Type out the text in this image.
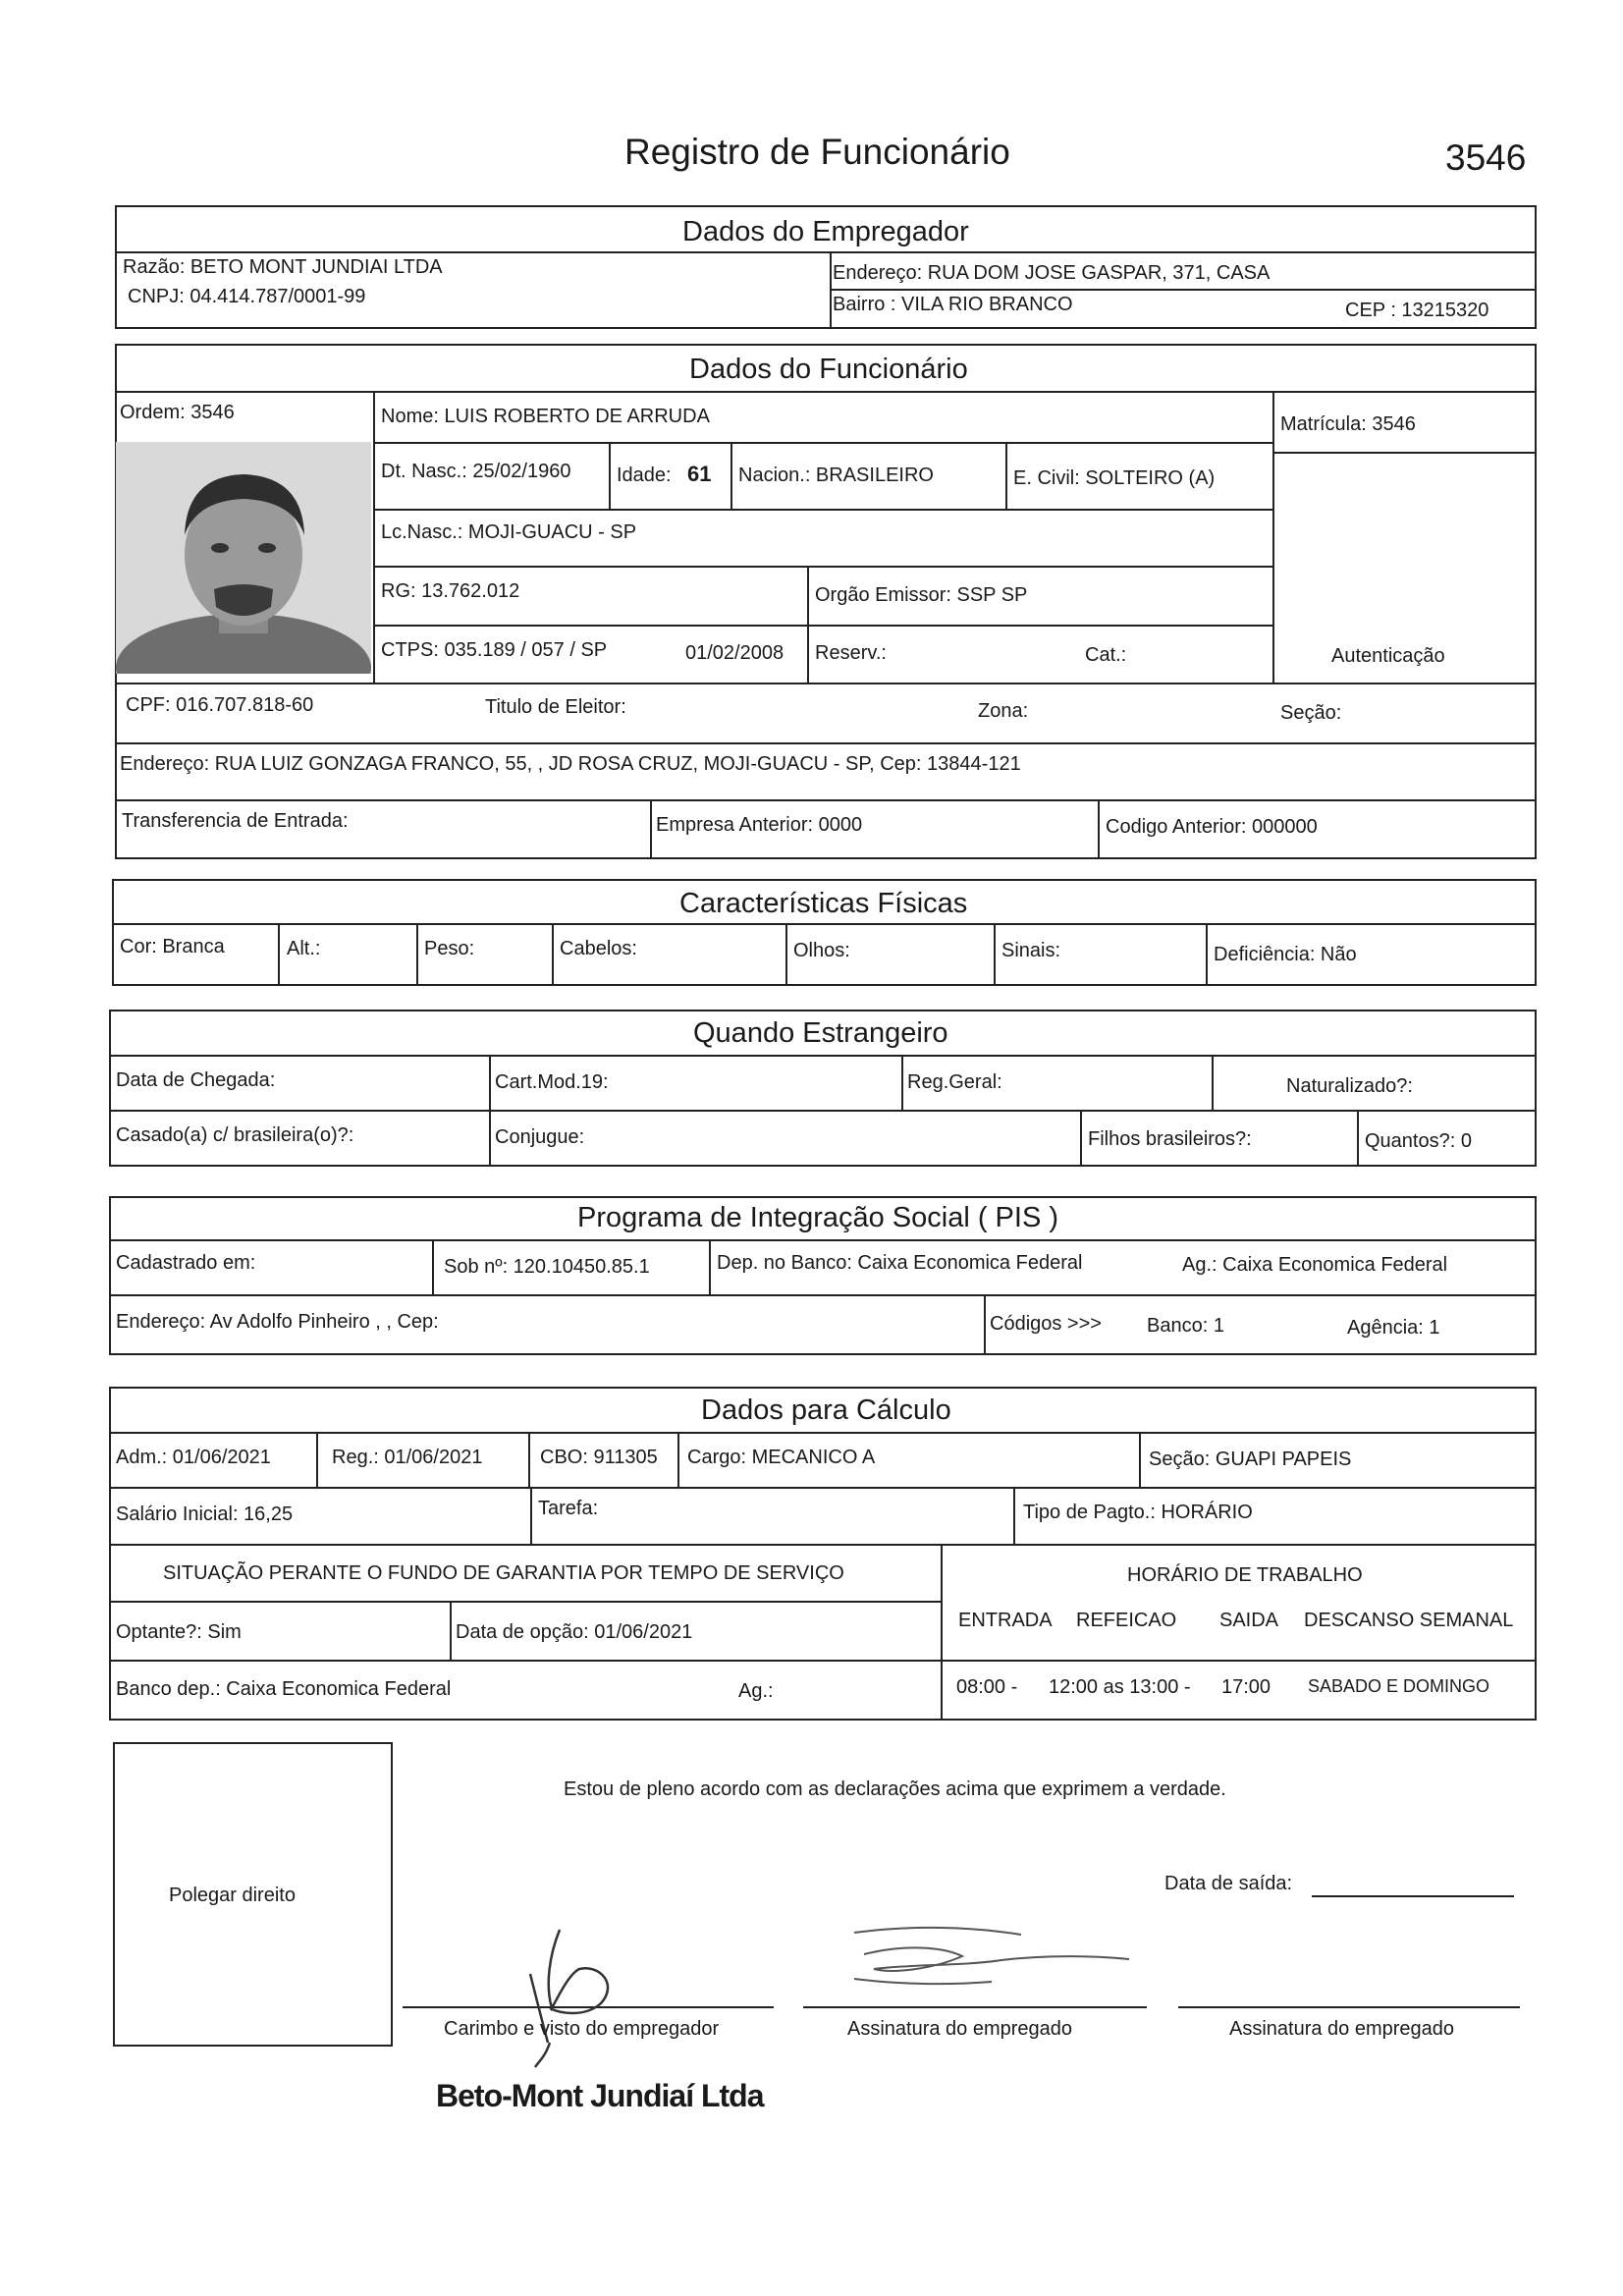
Registro de Funcionário	3546
Dados do Empregador
Razão: BETO MONT JUNDIAI LTDA
CNPJ: 04.414.787/0001-99
Endereço: RUA DOM JOSE GASPAR, 371, CASA
Bairro : VILA RIO BRANCO	CEP : 13215320
Dados do Funcionário
Ordem: 3546	Nome: LUIS ROBERTO DE ARRUDA	Matrícula: 3546
Dt. Nasc.: 25/02/1960 Idade: 61 Nacion.: BRASILEIRO	E. Civil: SOLTEIRO (A)
Lc.Nasc.: MOJI-GUACU - SP
RG: 13.762.012	Orgão Emissor: SSP SP
CTPS: 035.189 / 057 / SP	01/02/2008 Reserv.:	Cat.:	Autenticação
CPF: 016.707.818-60	Titulo de Eleitor:	Zona:	Seção:
Endereço: RUA LUIZ GONZAGA FRANCO, 55, , JD ROSA CRUZ, MOJI-GUACU - SP, Cep: 13844-121
Transferencia de Entrada:	Empresa Anterior: 0000	Codigo Anterior: 000000
Características Físicas
Cor: Branca	Alt.:	Peso:	Cabelos:	Olhos:	Sinais:	Deficiência: Não
Quando Estrangeiro
Data de Chegada:	Cart.Mod.19:	Reg.Geral:	Naturalizado?:
Casado(a) c/ brasileira(o)?:	Conjugue:	Filhos brasileiros?:	Quantos?: 0
Programa de Integração Social ( PIS )
Cadastrado em:	Sob nº: 120.10450.85.1	Dep. no Banco: Caixa Economica Federal	Ag.: Caixa Economica Federal
Endereço: Av Adolfo Pinheiro , , Cep:	Códigos >>> Banco: 1	Agência: 1
Dados para Cálculo
Adm.: 01/06/2021	Reg.: 01/06/2021	CBO: 911305 Cargo: MECANICO A	Seção: GUAPI PAPEIS
Salário Inicial: 16,25	Tarefa:	Tipo de Pagto.: HORÁRIO
SITUAÇÃO PERANTE O FUNDO DE GARANTIA POR TEMPO DE SERVIÇO	HORÁRIO DE TRABALHO
Optante?: Sim	Data de opção: 01/06/2021
ENTRADA REFEICAO SAIDA DESCANSO SEMANAL
Banco dep.: Caixa Economica Federal	Ag.:	08:00 - 12:00 as 13:00 - 17:00 SABADO E DOMINGO
Polegar direito
Estou de pleno acordo com as declarações acima que exprimem a verdade.
Data de saída:
Carimbo e visto do empregador	Assinatura do empregado	Assinatura do empregado
Beto-Mont Jundiaí Ltda
